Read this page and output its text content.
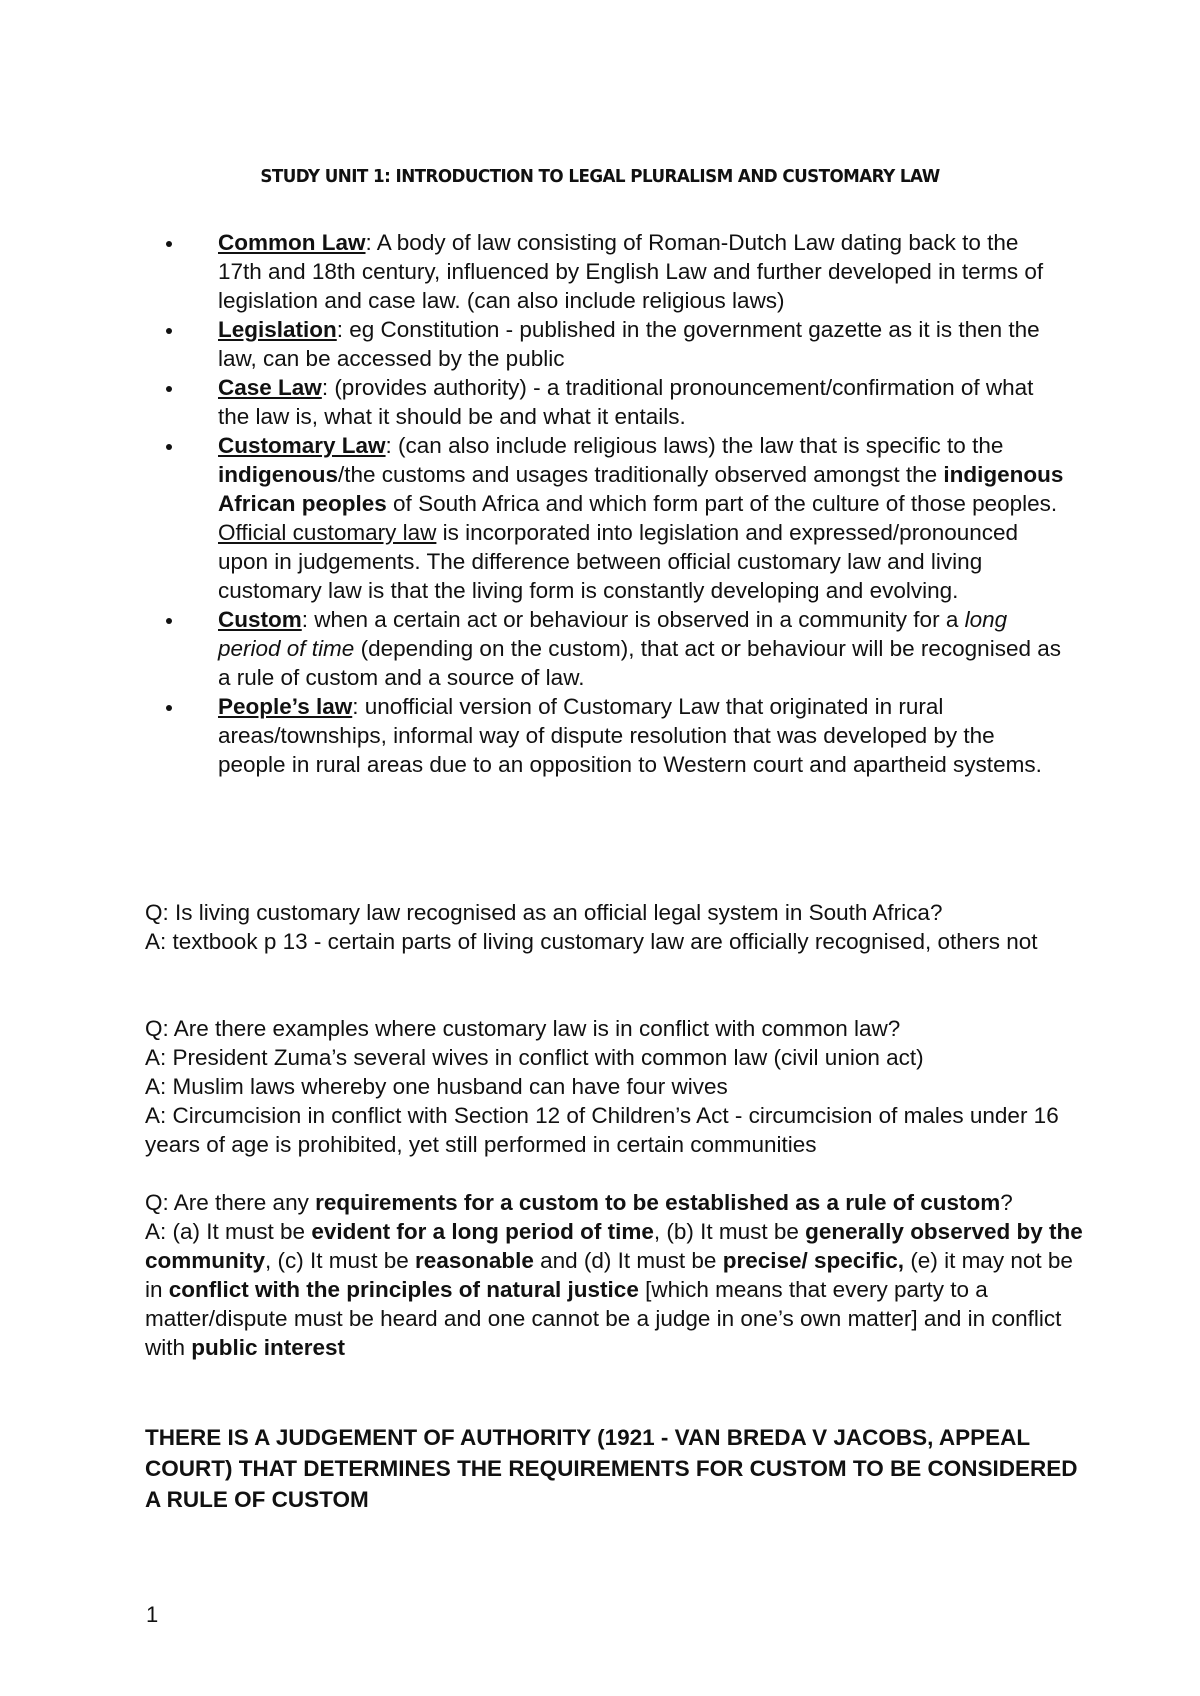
STUDY UNIT 1: INTRODUCTION TO LEGAL PLURALISM AND CUSTOMARY LAW
Common Law: A body of law consisting of Roman-Dutch Law dating back to the 17th and 18th century, influenced by English Law and further developed in terms of legislation and case law. (can also include religious laws)
Legislation: eg Constitution - published in the government gazette as it is then the law, can be accessed by the public
Case Law: (provides authority) - a traditional pronouncement/confirmation of what the law is, what it should be and what it entails.
Customary Law: (can also include religious laws) the law that is specific to the indigenous/the customs and usages traditionally observed amongst the indigenous African peoples of South Africa and which form part of the culture of those peoples. Official customary law is incorporated into legislation and expressed/pronounced upon in judgements. The difference between official customary law and living customary law is that the living form is constantly developing and evolving.
Custom: when a certain act or behaviour is observed in a community for a long period of time (depending on the custom), that act or behaviour will be recognised as a rule of custom and a source of law.
People’s law: unofficial version of Customary Law that originated in rural areas/townships, informal way of dispute resolution that was developed by the people in rural areas due to an opposition to Western court and apartheid systems.

Q: Is living customary law recognised as an official legal system in South Africa?

A: textbook p 13 - certain parts of living customary law are officially recognised, others not

Q: Are there examples where customary law is in conflict with common law?

A: President Zuma’s several wives in conflict with common law (civil union act)

A: Muslim laws whereby one husband can have four wives

A: Circumcision in conflict with Section 12 of Children’s Act - circumcision of males under 16 years of age is prohibited, yet still performed in certain communities

Q: Are there any requirements for a custom to be established as a rule of custom?

A: (a) It must be evident for a long period of time, (b) It must be generally observed by the community, (c) It must be reasonable and (d) It must be precise/ specific, (e) it may not be in conflict with the principles of natural justice [which means that every party to a matter/dispute must be heard and one cannot be a judge in one’s own matter] and in conflict with public interest

THERE IS A JUDGEMENT OF AUTHORITY (1921 - VAN BREDA V JACOBS, APPEAL COURT) THAT DETERMINES THE REQUIREMENTS FOR CUSTOM TO BE CONSIDERED A RULE OF CUSTOM

1
